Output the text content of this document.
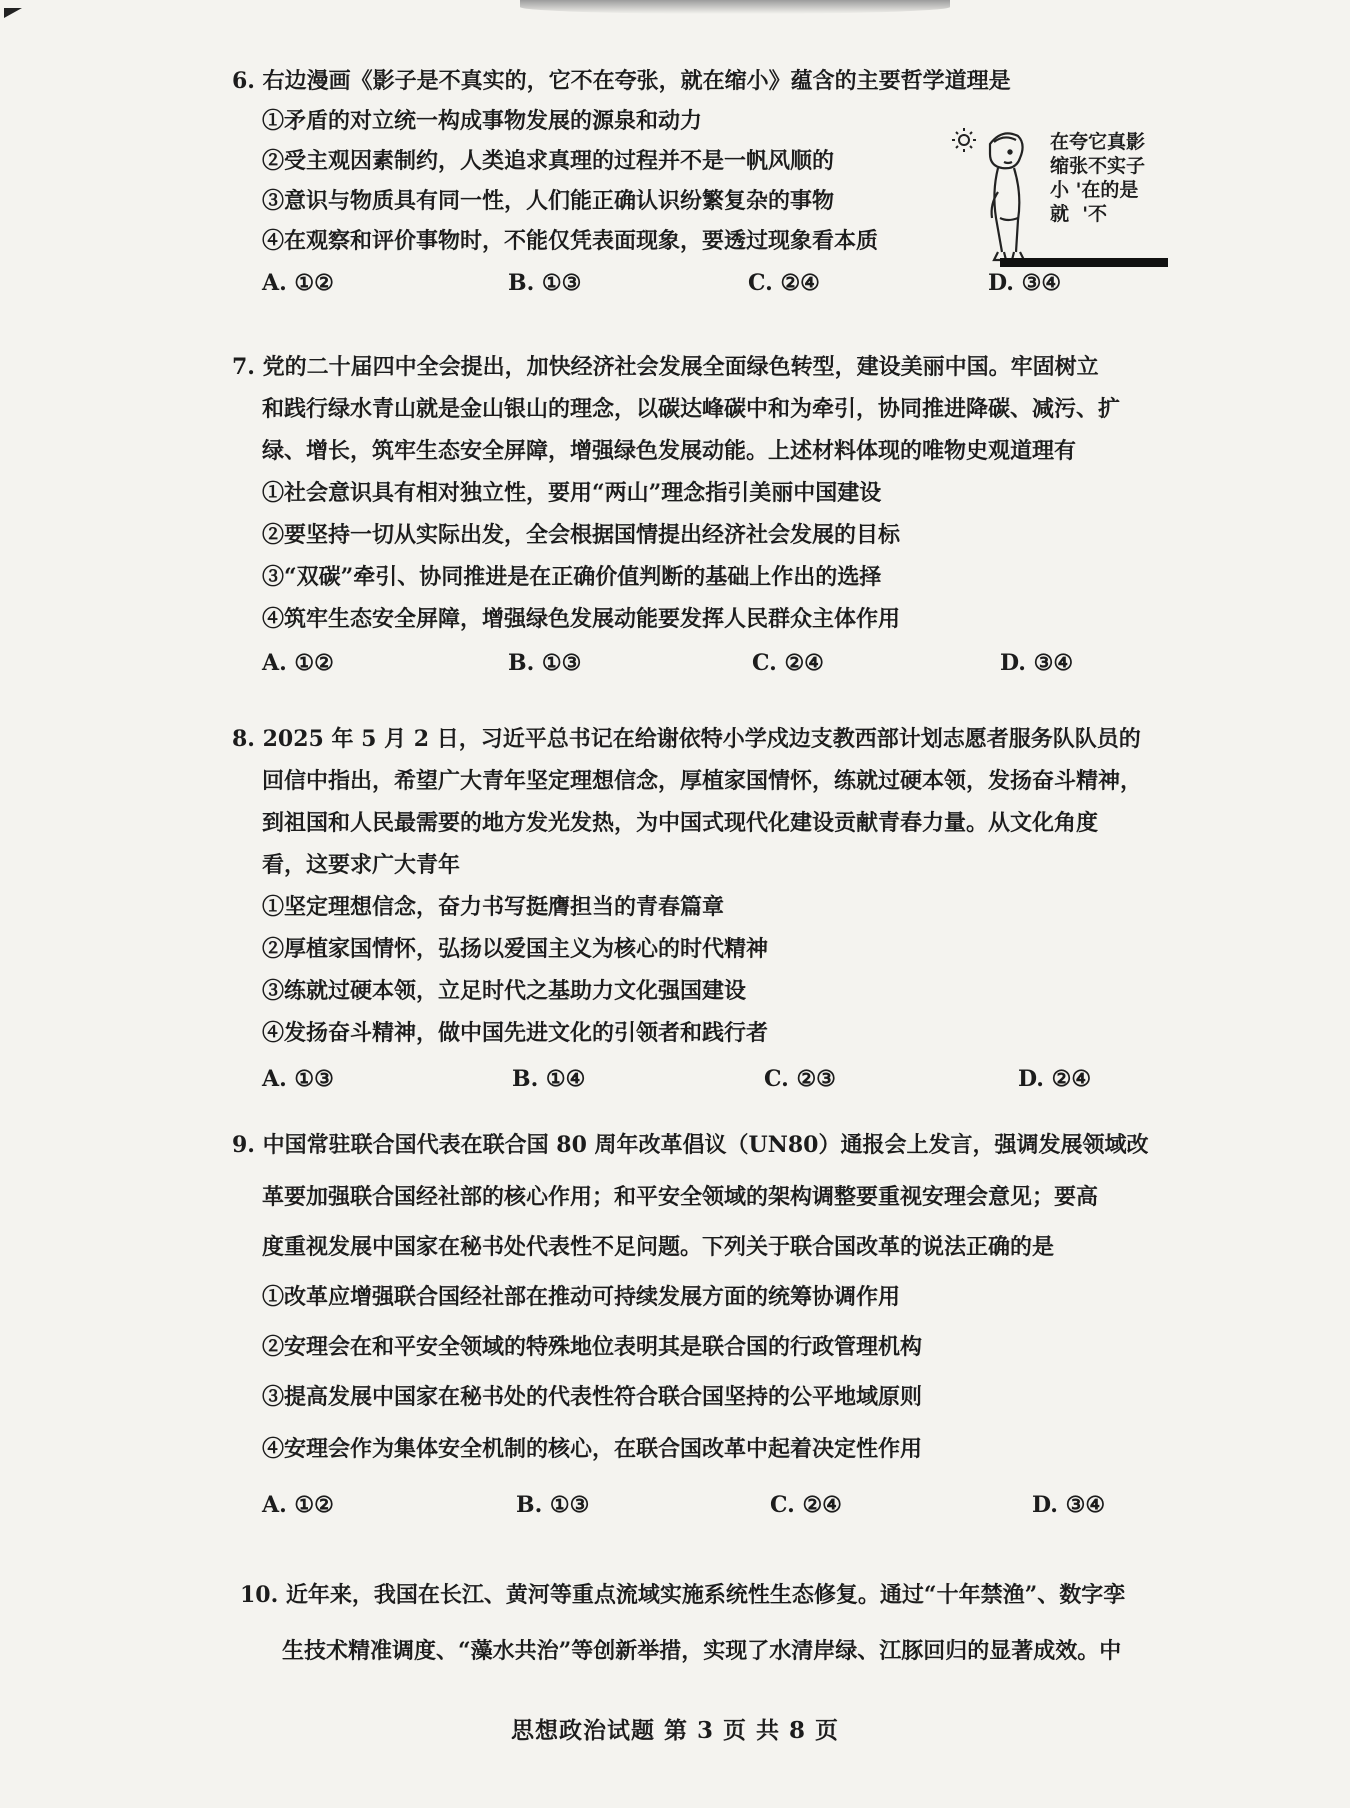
6. 右边漫画《影子是不真实的，它不在夸张，就在缩小》蕴含的主要哲学道理是
①矛盾的对立统一构成事物发展的源泉和动力
②受主观因素制约，人类追求真理的过程并不是一帆风顺的
③意识与物质具有同一性，人们能正确认识纷繁复杂的事物
④在观察和评价事物时，不能仅凭表面现象，要透过现象看本质
A. ①②	B. ①③	C. ②④	D. ③④
在夸它真影
缩张不实子
小 '在的是
就  '不
7. 党的二十届四中全会提出，加快经济社会发展全面绿色转型，建设美丽中国。牢固树立
和践行绿水青山就是金山银山的理念，以碳达峰碳中和为牵引，协同推进降碳、减污、扩
绿、增长，筑牢生态安全屏障，增强绿色发展动能。上述材料体现的唯物史观道理有
①社会意识具有相对独立性，要用“两山”理念指引美丽中国建设
②要坚持一切从实际出发，全会根据国情提出经济社会发展的目标
③“双碳”牵引、协同推进是在正确价值判断的基础上作出的选择
④筑牢生态安全屏障，增强绿色发展动能要发挥人民群众主体作用
A. ①②	B. ①③	C. ②④	D. ③④
8. 2025 年 5 月 2 日，习近平总书记在给谢依特小学戍边支教西部计划志愿者服务队队员的
回信中指出，希望广大青年坚定理想信念，厚植家国情怀，练就过硬本领，发扬奋斗精神，
到祖国和人民最需要的地方发光发热，为中国式现代化建设贡献青春力量。从文化角度
看，这要求广大青年
①坚定理想信念，奋力书写挺膺担当的青春篇章
②厚植家国情怀，弘扬以爱国主义为核心的时代精神
③练就过硬本领，立足时代之基助力文化强国建设
④发扬奋斗精神，做中国先进文化的引领者和践行者
A. ①③	B. ①④	C. ②③	D. ②④
9. 中国常驻联合国代表在联合国 80 周年改革倡议（UN80）通报会上发言，强调发展领域改
革要加强联合国经社部的核心作用；和平安全领域的架构调整要重视安理会意见；要高
度重视发展中国家在秘书处代表性不足问题。下列关于联合国改革的说法正确的是
①改革应增强联合国经社部在推动可持续发展方面的统筹协调作用
②安理会在和平安全领域的特殊地位表明其是联合国的行政管理机构
③提高发展中国家在秘书处的代表性符合联合国坚持的公平地域原则
④安理会作为集体安全机制的核心，在联合国改革中起着决定性作用
A. ①②	B. ①③	C. ②④	D. ③④
10. 近年来，我国在长江、黄河等重点流域实施系统性生态修复。通过“十年禁渔”、数字孪
生技术精准调度、“藻水共治”等创新举措，实现了水清岸绿、江豚回归的显著成效。中
思想政治试题 第 3 页 共 8 页
